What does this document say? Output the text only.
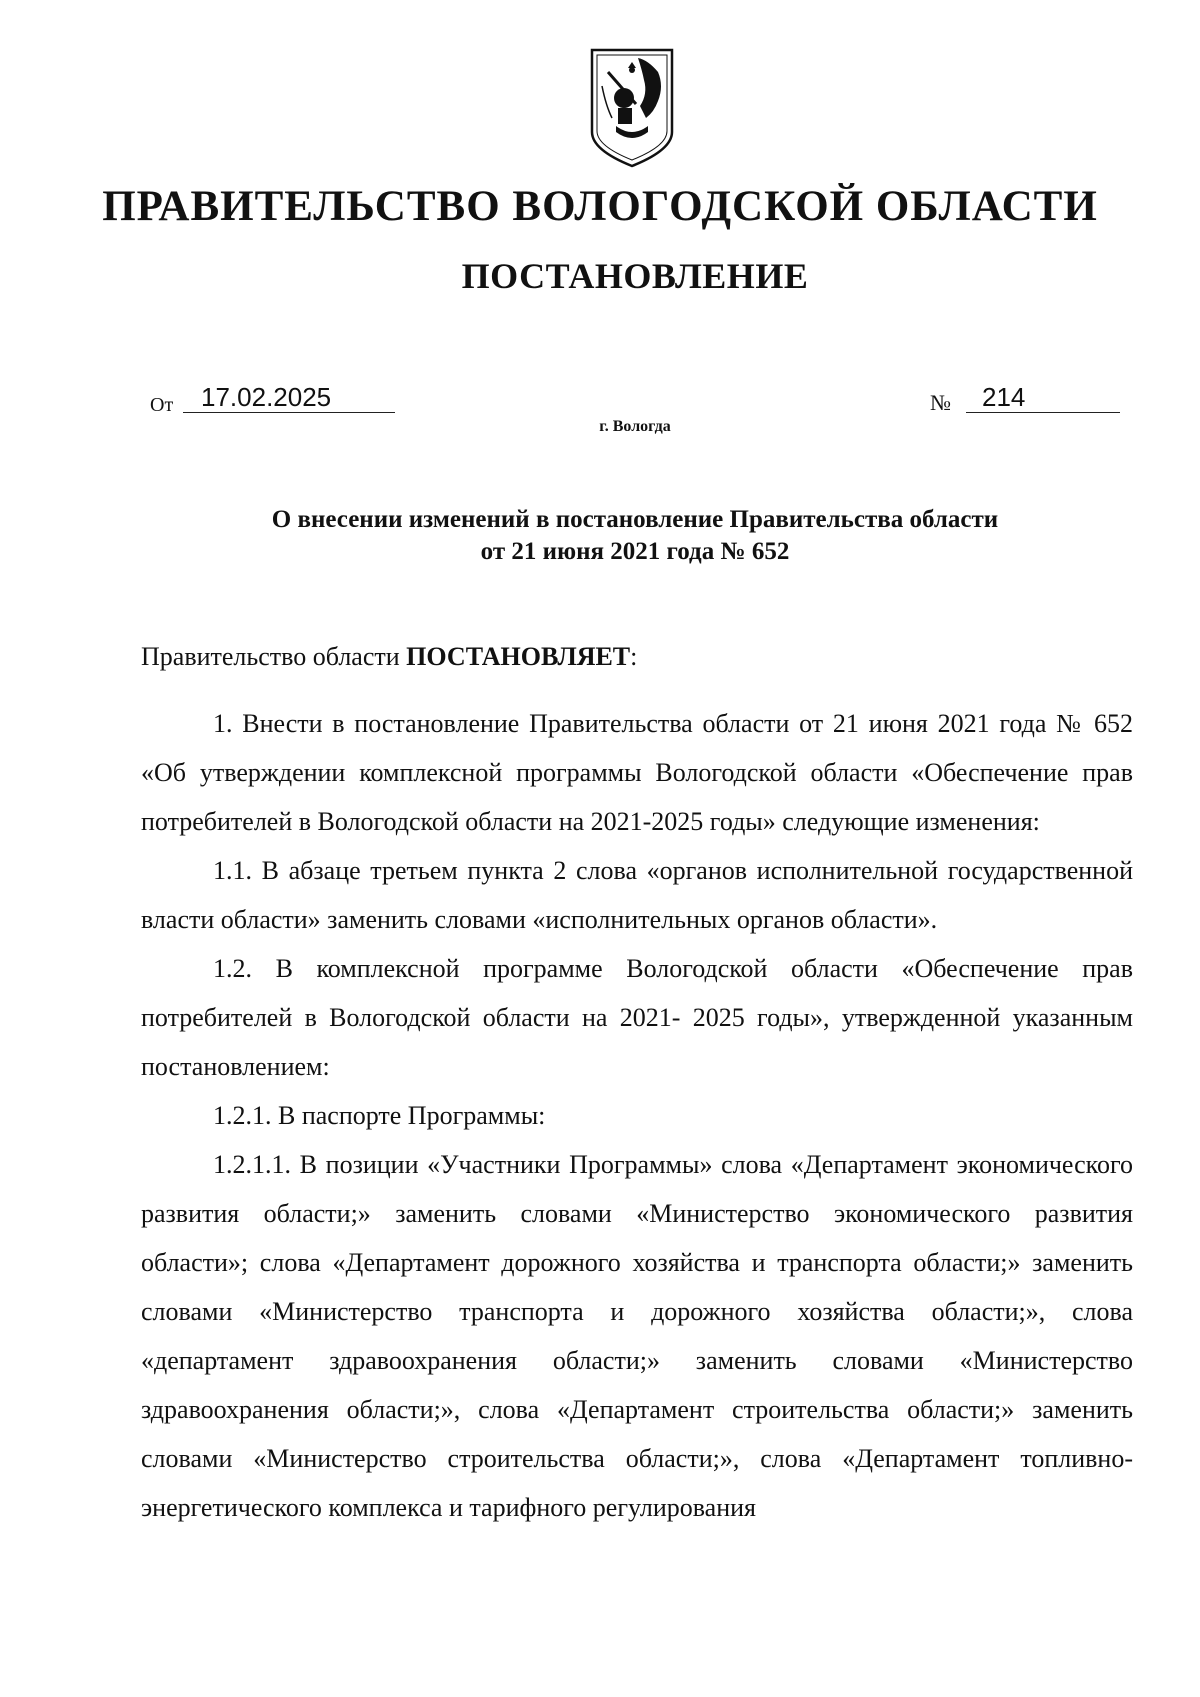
ПРАВИТЕЛЬСТВО ВОЛОГОДСКОЙ ОБЛАСТИ
ПОСТАНОВЛЕНИЕ
От	17.02.2025	№	214
г. Вологда
О внесении изменений в постановление Правительства области
от 21 июня 2021 года № 652

Правительство области ПОСТАНОВЛЯЕТ:

1. Внести в постановление Правительства области от 21 июня 2021 года № 652 «Об утверждении комплексной программы Вологодской области «Обеспечение прав потребителей в Вологодской области на 2021-2025 годы» следующие изменения:

1.1. В абзаце третьем пункта 2 слова «органов исполнительной государственной власти области» заменить словами «исполнительных органов области».

1.2. В комплексной программе Вологодской области «Обеспечение прав потребителей в Вологодской области на 2021- 2025 годы», утвержденной указанным постановлением:

1.2.1. В паспорте Программы:

1.2.1.1. В позиции «Участники Программы» слова «Департамент экономического развития области;» заменить словами «Министерство экономического развития области»; слова «Департамент дорожного хозяйства и транспорта области;» заменить словами «Министерство транспорта и дорожного хозяйства области;», слова «департамент здравоохранения области;» заменить словами «Министерство здравоохранения области;», слова «Департамент строительства области;» заменить словами «Министерство строительства области;», слова «Департамент топливно-энергетического комплекса и тарифного регулирования
